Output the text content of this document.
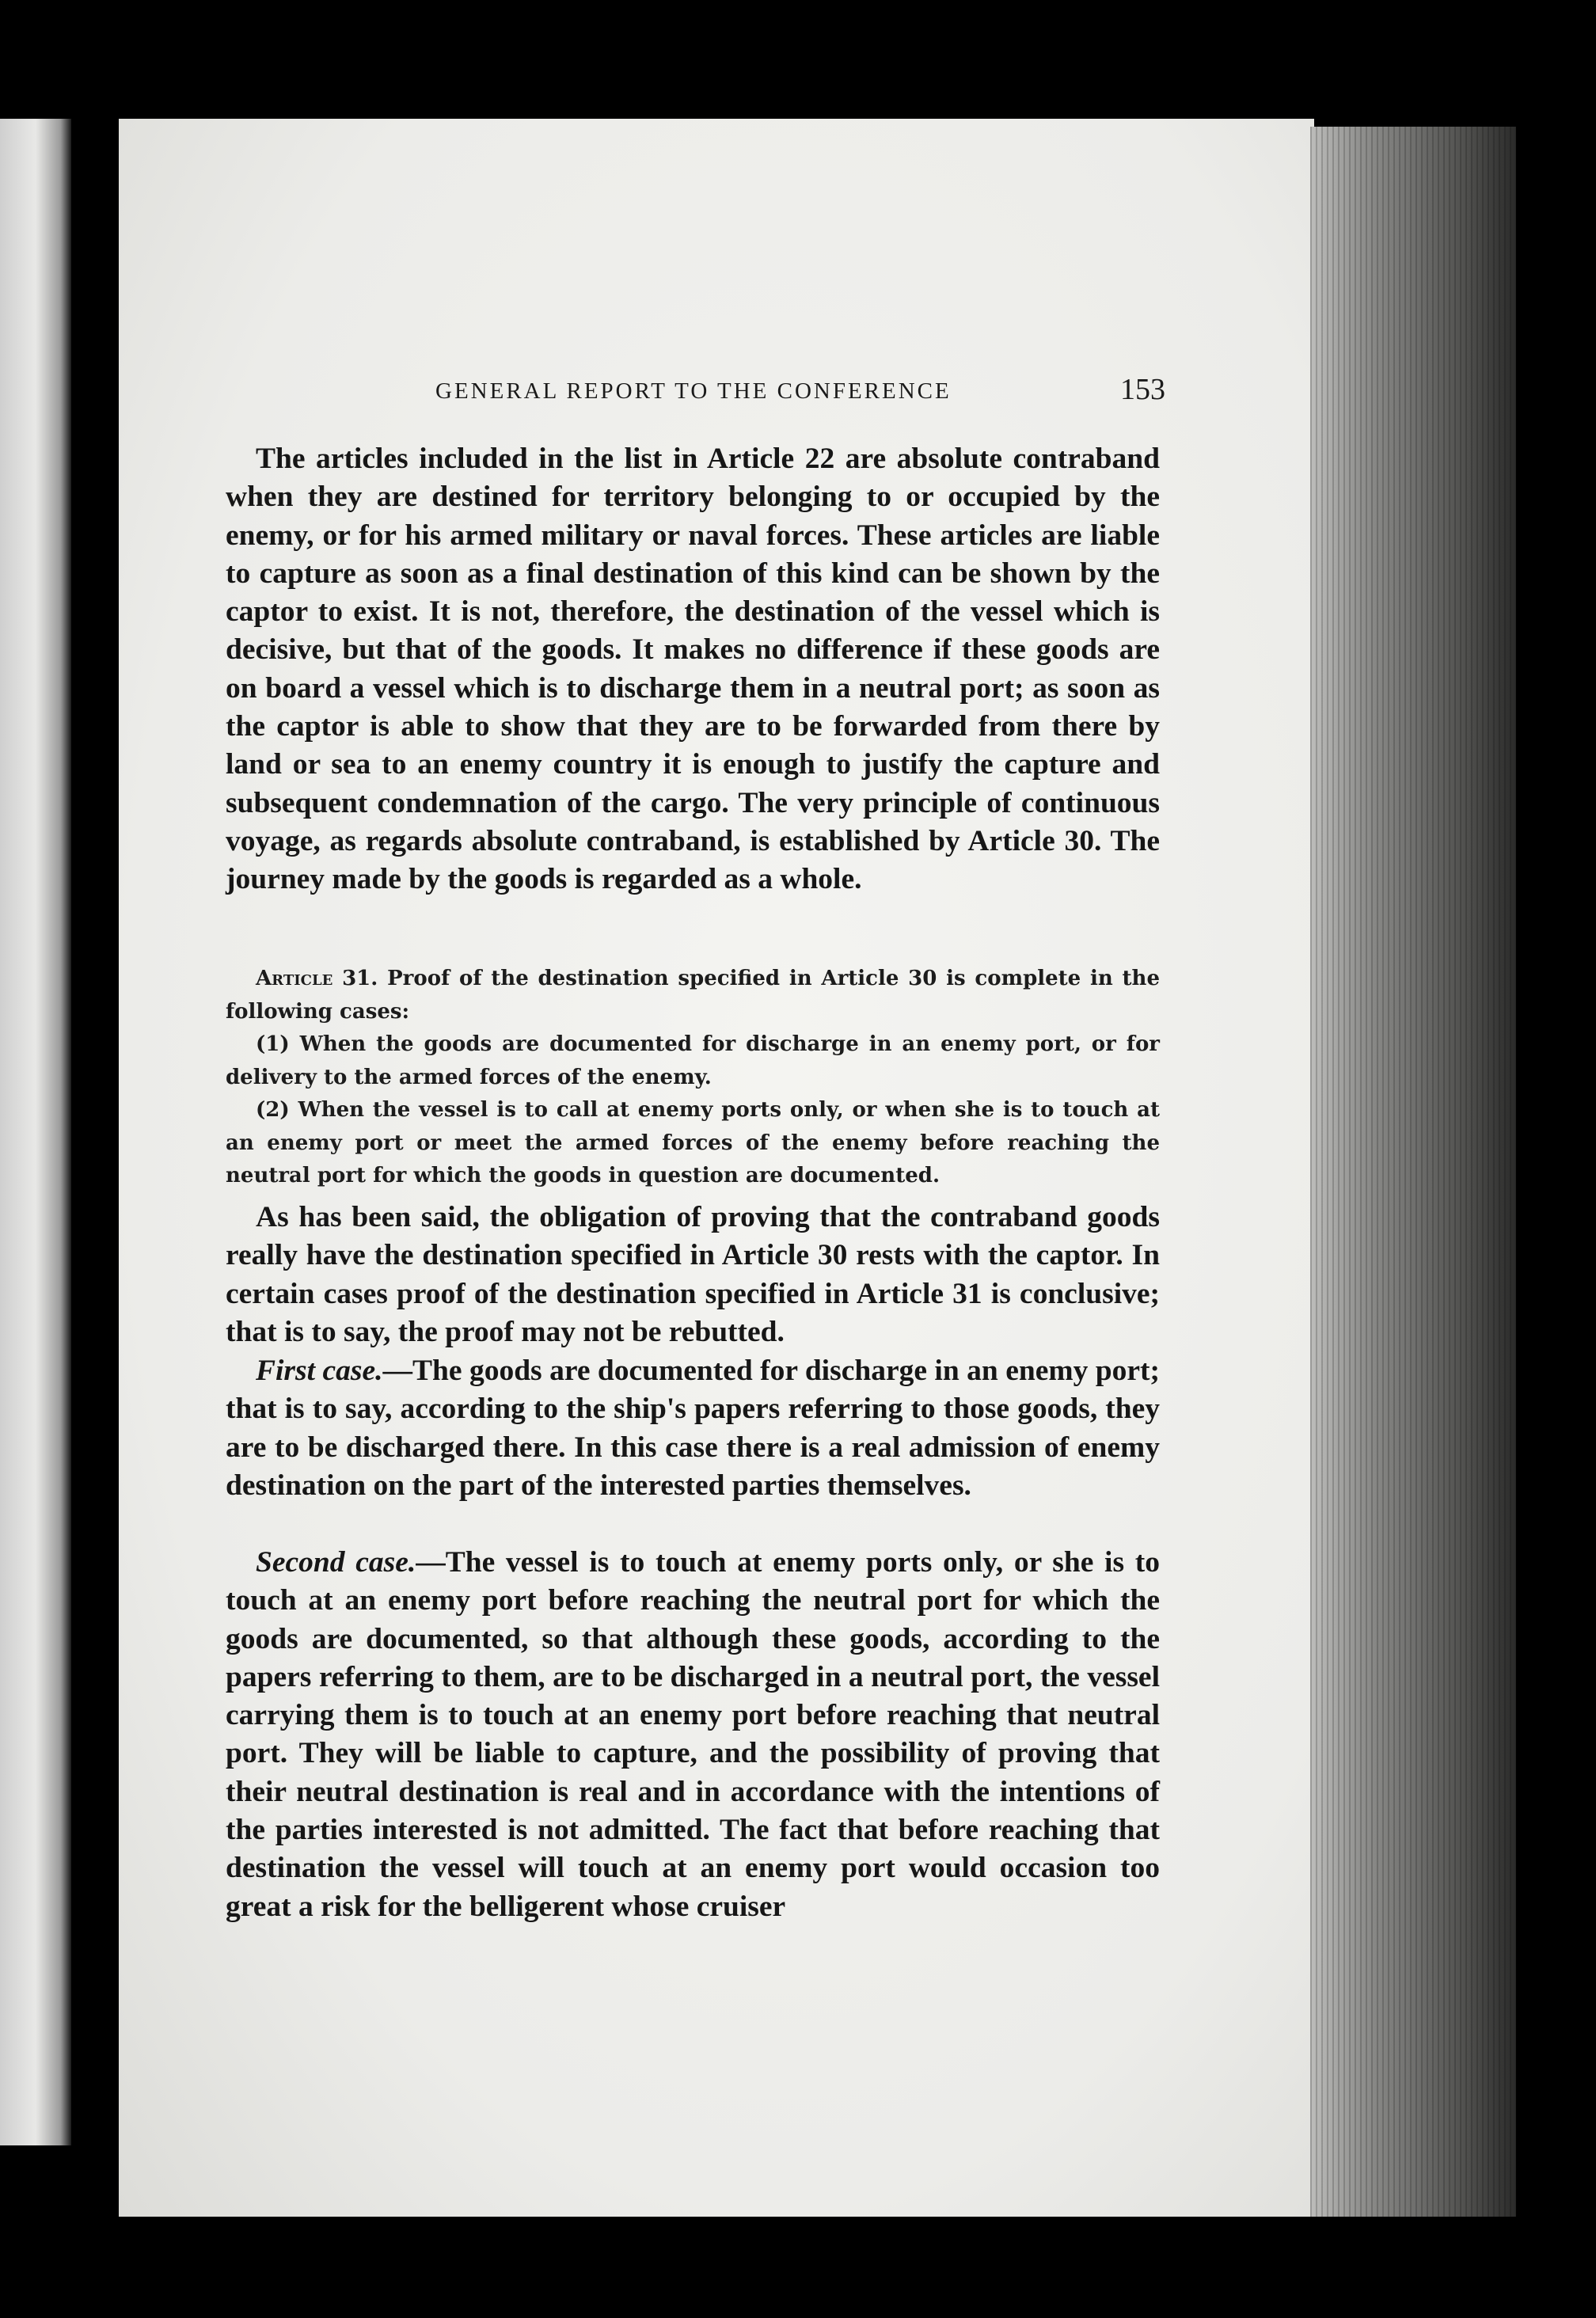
GENERAL REPORT TO THE CONFERENCE	153

The articles included in the list in Article 22 are absolute contraband when they are destined for territory belonging to or occupied by the enemy, or for his armed military or naval forces. These articles are liable to capture as soon as a final destination of this kind can be shown by the captor to exist. It is not, therefore, the destination of the vessel which is decisive, but that of the goods. It makes no difference if these goods are on board a vessel which is to discharge them in a neutral port; as soon as the captor is able to show that they are to be forwarded from there by land or sea to an enemy country it is enough to justify the capture and subsequent condemnation of the cargo. The very principle of continuous voyage, as regards absolute contraband, is established by Article 30. The journey made by the goods is regarded as a whole.

Article 31. Proof of the destination specified in Article 30 is complete in the following cases:

(1) When the goods are documented for discharge in an enemy port, or for delivery to the armed forces of the enemy.

(2) When the vessel is to call at enemy ports only, or when she is to touch at an enemy port or meet the armed forces of the enemy before reaching the neutral port for which the goods in question are documented.

As has been said, the obligation of proving that the contraband goods really have the destination specified in Article 30 rests with the captor. In certain cases proof of the destination specified in Article 31 is conclusive; that is to say, the proof may not be rebutted.

First case.—The goods are documented for discharge in an enemy port; that is to say, according to the ship's papers referring to those goods, they are to be discharged there. In this case there is a real admission of enemy destination on the part of the interested parties themselves.

Second case.—The vessel is to touch at enemy ports only, or she is to touch at an enemy port before reaching the neutral port for which the goods are documented, so that although these goods, according to the papers referring to them, are to be discharged in a neutral port, the vessel carrying them is to touch at an enemy port before reaching that neutral port. They will be liable to capture, and the possibility of proving that their neutral destination is real and in accordance with the intentions of the parties interested is not admitted. The fact that before reaching that destination the vessel will touch at an enemy port would occasion too great a risk for the belligerent whose cruiser
